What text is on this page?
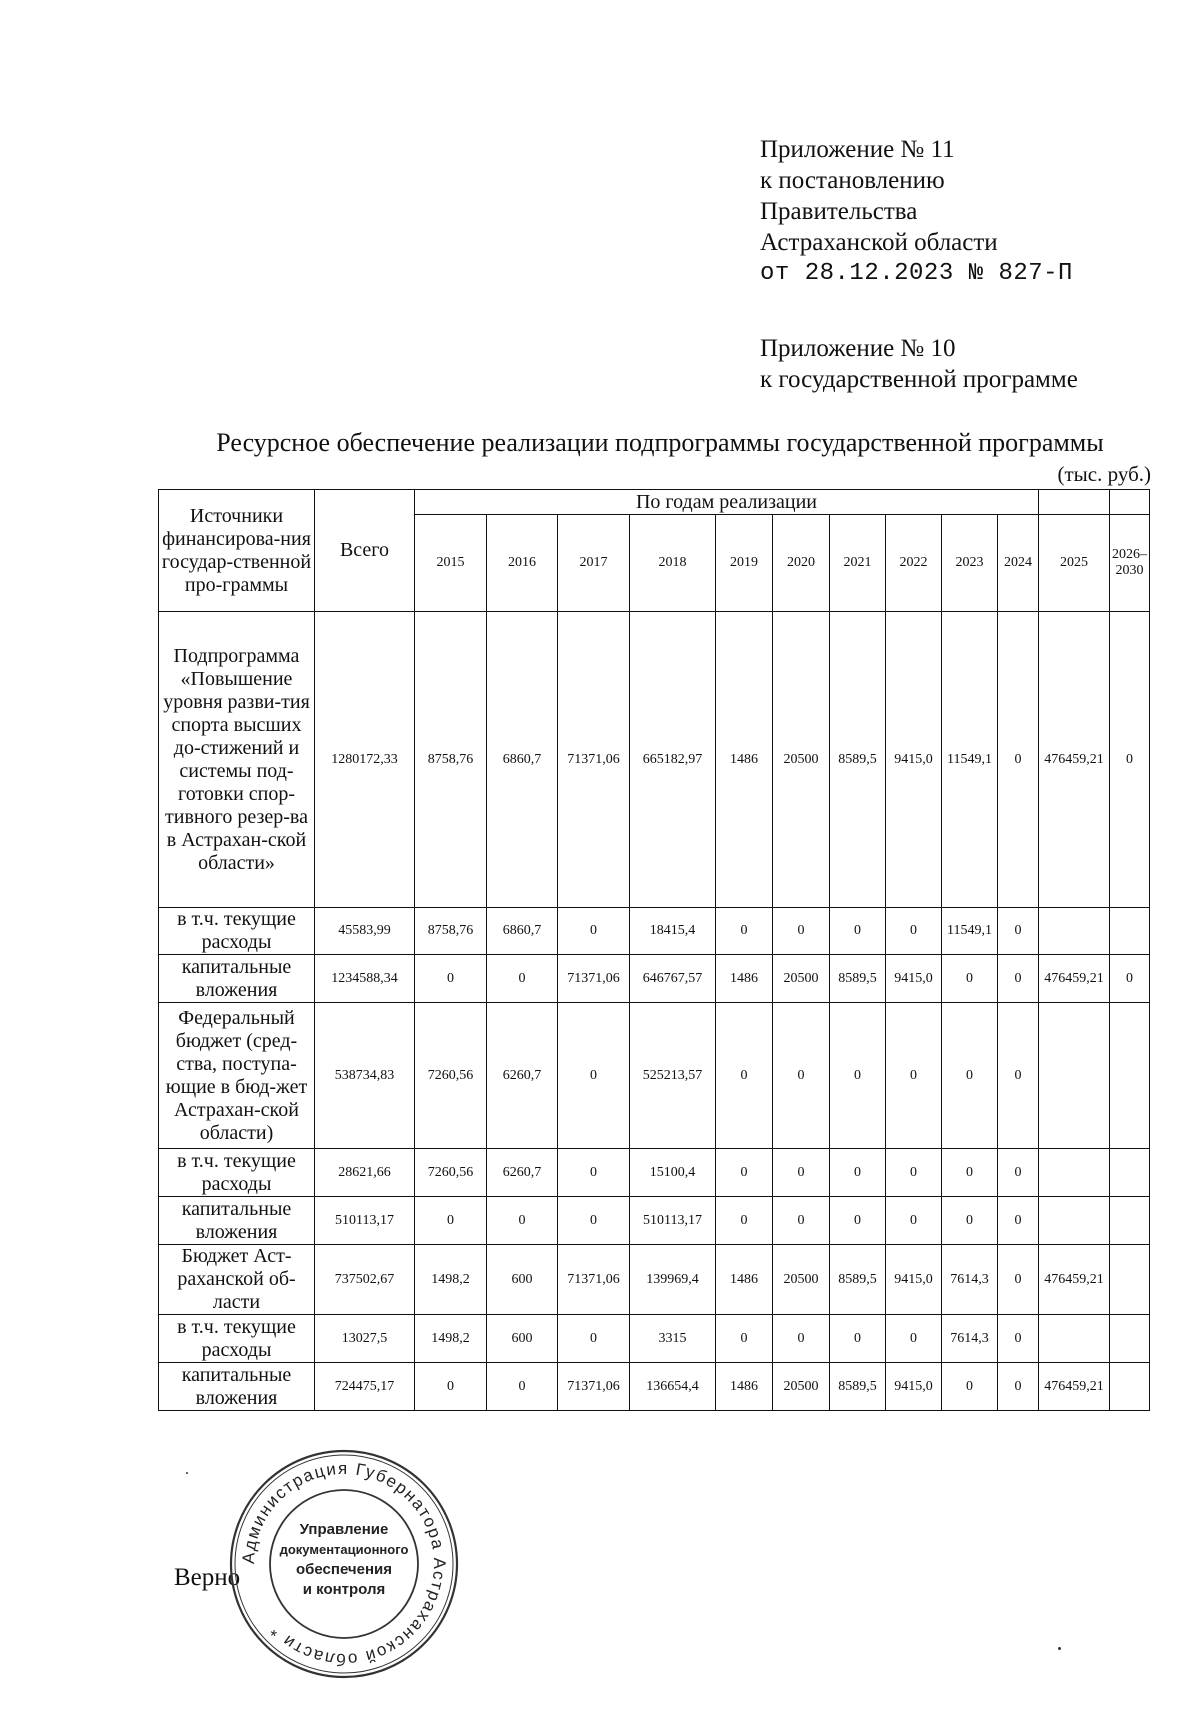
Приложение № 11
к постановлению
Правительства
Астраханской области
от 28.12.2023 № 827-П
Приложение № 10
к государственной программе
Ресурсное обеспечение реализации подпрограммы государственной программы
(тыс. руб.)
Источники финансирова-ния государ-ственной про-граммы	Всего	По годам реализации											
		2015	2016	2017	2018	2019	2020	2021	2022	2023	2024	2025	2026–2030
Подпрограмма «Повышение уровня разви-тия спорта высших до-стижений и системы под-готовки спор-тивного резер-ва в Астрахан-ской области»	1280172,33	8758,76	6860,7	71371,06	665182,97	1486	20500	8589,5	9415,0	11549,1	0	476459,21	0
в т.ч. текущие расходы	45583,99	8758,76	6860,7	0	18415,4	0	0	0	0	11549,1	0		
капитальные вложения	1234588,34	0	0	71371,06	646767,57	1486	20500	8589,5	9415,0	0	0	476459,21	0
Федеральный бюджет (сред-ства, поступа-ющие в бюд-жет Астрахан-ской области)	538734,83	7260,56	6260,7	0	525213,57	0	0	0	0	0	0		
в т.ч. текущие расходы	28621,66	7260,56	6260,7	0	15100,4	0	0	0	0	0	0		
капитальные вложения	510113,17	0	0	0	510113,17	0	0	0	0	0	0		
Бюджет Аст-раханской об-ласти	737502,67	1498,2	600	71371,06	139969,4	1486	20500	8589,5	9415,0	7614,3	0	476459,21	
в т.ч. текущие расходы	13027,5	1498,2	600	0	3315	0	0	0	0	7614,3	0		
капитальные вложения	724475,17	0	0	71371,06	136654,4	1486	20500	8589,5	9415,0	0	0	476459,21	
Верно
Администрация Губернатора Астраханской области *
Управление
документационного
обеспечения
и контроля
